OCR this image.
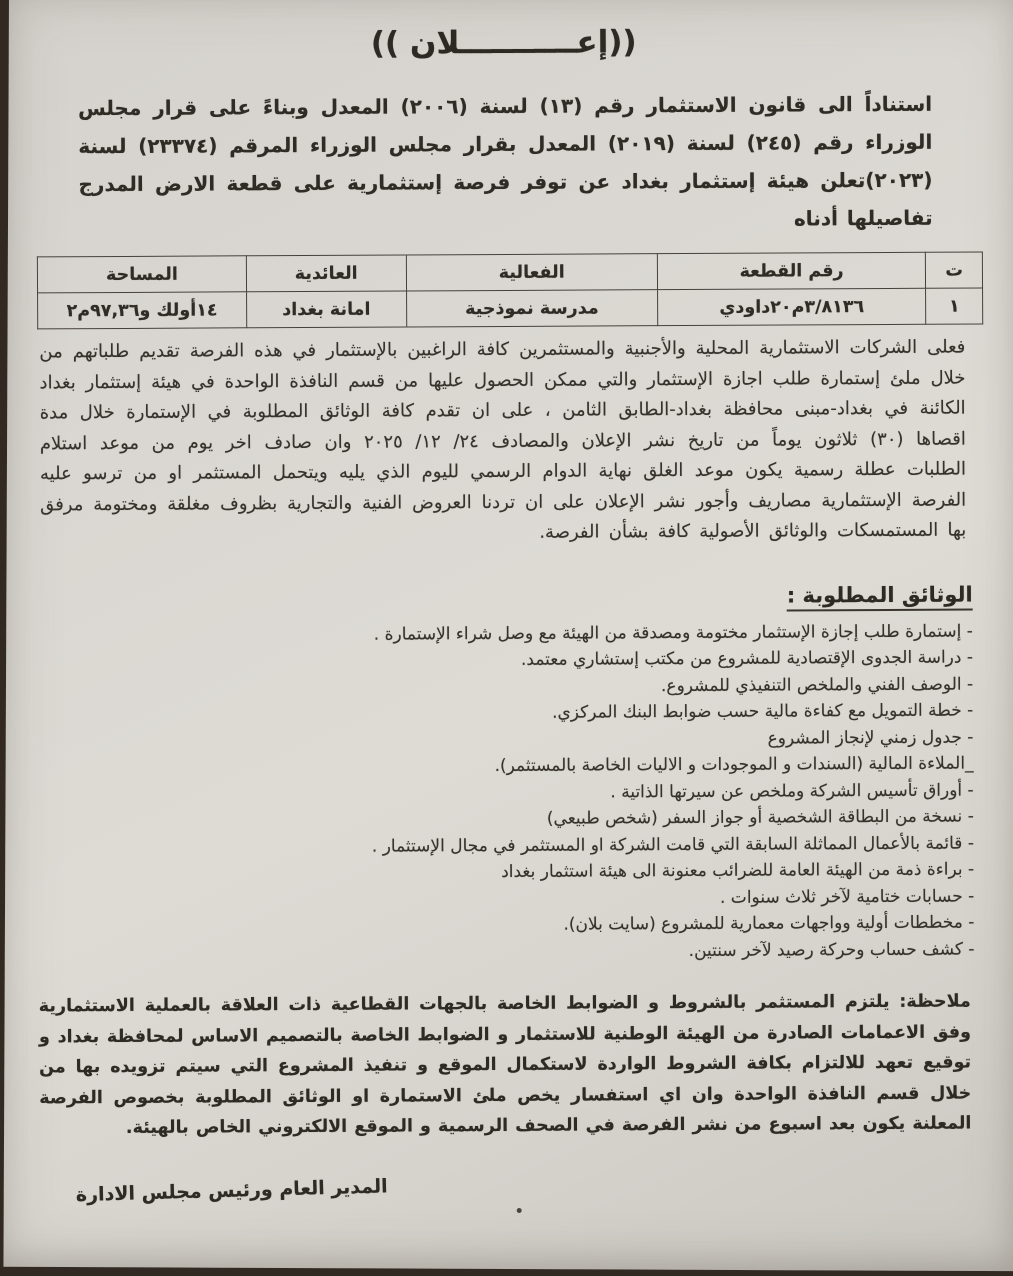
((إعـــــــــــلان ))

استناداً الى قانون الاستثمار رقم (١٣) لسنة (٢٠٠٦) المعدل وبناءً على قرار مجلس الوزراء رقم (٢٤٥) لسنة (٢٠١٩) المعدل بقرار مجلس الوزراء المرقم (٢٣٣٧٤) لسنة (٢٠٢٣)تعلن هيئة إستثمار بغداد عن توفر فرصة إستثمارية على قطعة الارض المدرج تفاصيلها أدناه

ت	رقم القطعة	الفعالية	العائدية	المساحة
١	٣/٨١٣٦م٢٠داودي	مدرسة نموذجية	امانة بغداد	١٤أولك و٩٧,٣٦م٢

فعلى الشركات الاستثمارية المحلية والأجنبية والمستثمرين كافة الراغبين بالإستثمار في هذه الفرصة تقديم طلباتهم من خلال ملئ إستمارة طلب اجازة الإستثمار والتي ممكن الحصول عليها من قسم النافذة الواحدة في هيئة إستثمار بغداد الكائنة في بغداد-مبنى محافظة بغداد-الطابق الثامن ، على ان تقدم كافة الوثائق المطلوبة في الإستمارة خلال مدة اقصاها (٣٠) ثلاثون يوماً من تاريخ نشر الإعلان والمصادف ٢٤/ ١٢/ ٢٠٢٥ وان صادف اخر يوم من موعد استلام الطلبات عطلة رسمية يكون موعد الغلق نهاية الدوام الرسمي لليوم الذي يليه ويتحمل المستثمر او من ترسو عليه الفرصة الإستثمارية مصاريف وأجور نشر الإعلان على ان تردنا العروض الفنية والتجارية بظروف مغلقة ومختومة مرفق بها المستمسكات والوثائق الأصولية كافة بشأن الفرصة.

الوثائق المطلوبة :
- إستمارة طلب إجازة الإستثمار مختومة ومصدقة من الهيئة مع وصل شراء الإستمارة .
- دراسة الجدوى الإقتصادية للمشروع من مكتب إستشاري معتمد.
- الوصف الفني والملخص التنفيذي للمشروع.
- خطة التمويل مع كفاءة مالية حسب ضوابط البنك المركزي.
- جدول زمني لإنجاز المشروع
_الملاءة المالية (السندات و الموجودات و الاليات الخاصة بالمستثمر).
- أوراق تأسيس الشركة وملخص عن سيرتها الذاتية .
- نسخة من البطاقة الشخصية أو جواز السفر (شخص طبيعي)
- قائمة بالأعمال المماثلة السابقة التي قامت الشركة او المستثمر في مجال الإستثمار .
- براءة ذمة من الهيئة العامة للضرائب معنونة الى هيئة استثمار بغداد
- حسابات ختامية لآخر ثلاث سنوات .
- مخططات أولية وواجهات معمارية للمشروع (سايت بلان).
- كشف حساب وحركة رصيد لآخر سنتين.

ملاحظة: يلتزم المستثمر بالشروط و الضوابط الخاصة بالجهات القطاعية ذات العلاقة بالعملية الاستثمارية وفق الاعمامات الصادرة من الهيئة الوطنية للاستثمار و الضوابط الخاصة بالتصميم الاساس لمحافظة بغداد و توقيع تعهد للالتزام بكافة الشروط الواردة لاستكمال الموقع و تنفيذ المشروع التي سيتم تزويده بها من خلال قسم النافذة الواحدة وان اي استفسار يخص ملئ الاستمارة او الوثائق المطلوبة بخصوص الفرصة المعلنة يكون بعد اسبوع من نشر الفرصة في الصحف الرسمية و الموقع الالكتروني الخاص بالهيئة.

المدير العام ورئيس مجلس الادارة
